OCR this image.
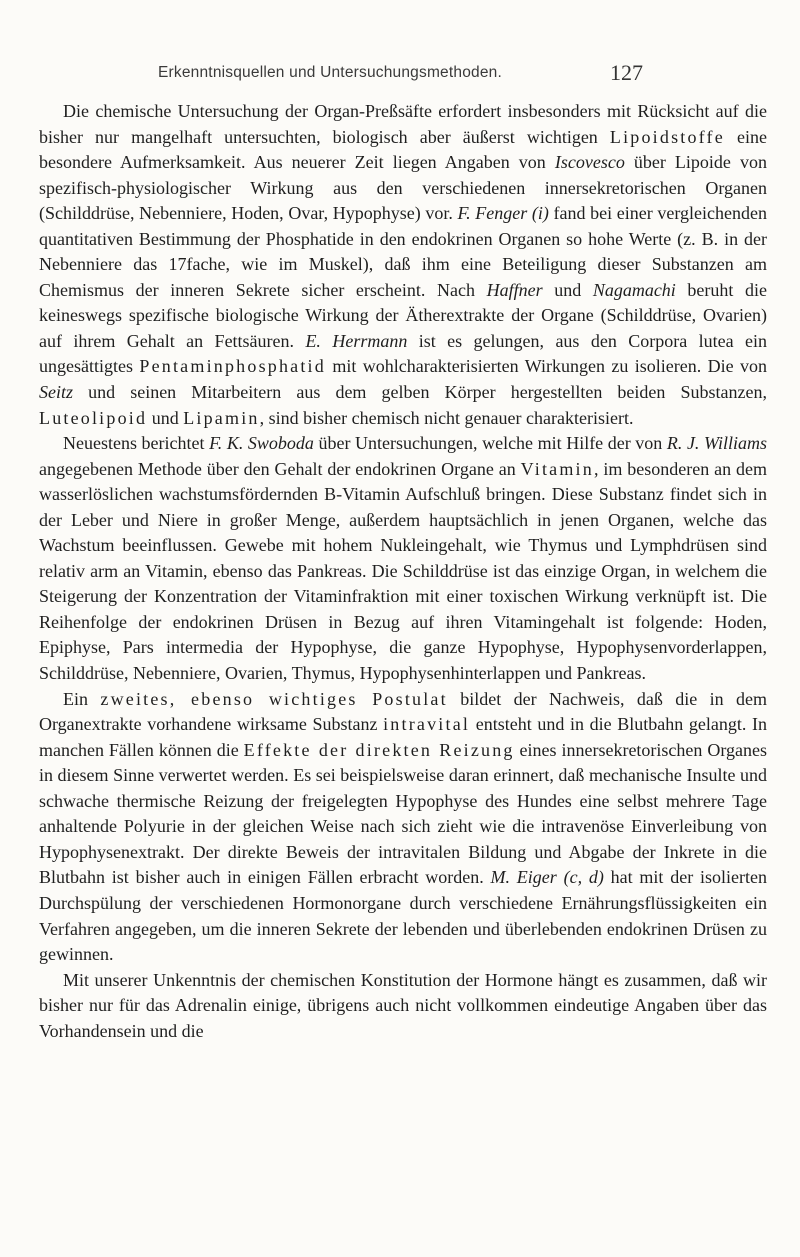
Erkenntnisquellen und Untersuchungsmethoden.	127

Die chemische Untersuchung der Organ-Preßsäfte erfordert insbesonders mit Rücksicht auf die bisher nur mangelhaft untersuchten, biologisch aber äußerst wichtigen Lipoidstoffe eine besondere Aufmerksamkeit. Aus neuerer Zeit liegen Angaben von Iscovesco über Lipoide von spezifisch-physiologischer Wirkung aus den verschiedenen innersekretorischen Organen (Schilddrüse, Nebenniere, Hoden, Ovar, Hypophyse) vor. F. Fenger (i) fand bei einer vergleichenden quantitativen Bestimmung der Phosphatide in den endokrinen Organen so hohe Werte (z. B. in der Nebenniere das 17fache, wie im Muskel), daß ihm eine Beteiligung dieser Substanzen am Chemismus der inneren Sekrete sicher erscheint. Nach Haffner und Nagamachi beruht die keineswegs spezifische biologische Wirkung der Ätherextrakte der Organe (Schilddrüse, Ovarien) auf ihrem Gehalt an Fettsäuren. E. Herrmann ist es gelungen, aus den Corpora lutea ein ungesättigtes Pentaminphosphatid mit wohlcharakterisierten Wirkungen zu isolieren. Die von Seitz und seinen Mitarbeitern aus dem gelben Körper hergestellten beiden Substanzen, Luteolipoid und Lipamin, sind bisher chemisch nicht genauer charakterisiert.

Neuestens berichtet F. K. Swoboda über Untersuchungen, welche mit Hilfe der von R. J. Williams angegebenen Methode über den Gehalt der endokrinen Organe an Vitamin, im besonderen an dem wasserlöslichen wachstumsfördernden B-Vitamin Aufschluß bringen. Diese Substanz findet sich in der Leber und Niere in großer Menge, außerdem hauptsächlich in jenen Organen, welche das Wachstum beeinflussen. Gewebe mit hohem Nukleingehalt, wie Thymus und Lymphdrüsen sind relativ arm an Vitamin, ebenso das Pankreas. Die Schilddrüse ist das einzige Organ, in welchem die Steigerung der Konzentration der Vitaminfraktion mit einer toxischen Wirkung verknüpft ist. Die Reihenfolge der endokrinen Drüsen in Bezug auf ihren Vitamingehalt ist folgende: Hoden, Epiphyse, Pars intermedia der Hypophyse, die ganze Hypophyse, Hypophysenvorderlappen, Schilddrüse, Nebenniere, Ovarien, Thymus, Hypophysenhinterlappen und Pankreas.

Ein zweites, ebenso wichtiges Postulat bildet der Nachweis, daß die in dem Organextrakte vorhandene wirksame Substanz intravital entsteht und in die Blutbahn gelangt. In manchen Fällen können die Effekte der direkten Reizung eines innersekretorischen Organes in diesem Sinne verwertet werden. Es sei beispielsweise daran erinnert, daß mechanische Insulte und schwache thermische Reizung der freigelegten Hypophyse des Hundes eine selbst mehrere Tage anhaltende Polyurie in der gleichen Weise nach sich zieht wie die intravenöse Einverleibung von Hypophysenextrakt. Der direkte Beweis der intravitalen Bildung und Abgabe der Inkrete in die Blutbahn ist bisher auch in einigen Fällen erbracht worden. M. Eiger (c, d) hat mit der isolierten Durchspülung der verschiedenen Hormonorgane durch verschiedene Ernährungsflüssigkeiten ein Verfahren angegeben, um die inneren Sekrete der lebenden und überlebenden endokrinen Drüsen zu gewinnen.

Mit unserer Unkenntnis der chemischen Konstitution der Hormone hängt es zusammen, daß wir bisher nur für das Adrenalin einige, übrigens auch nicht vollkommen eindeutige Angaben über das Vorhandensein und die
